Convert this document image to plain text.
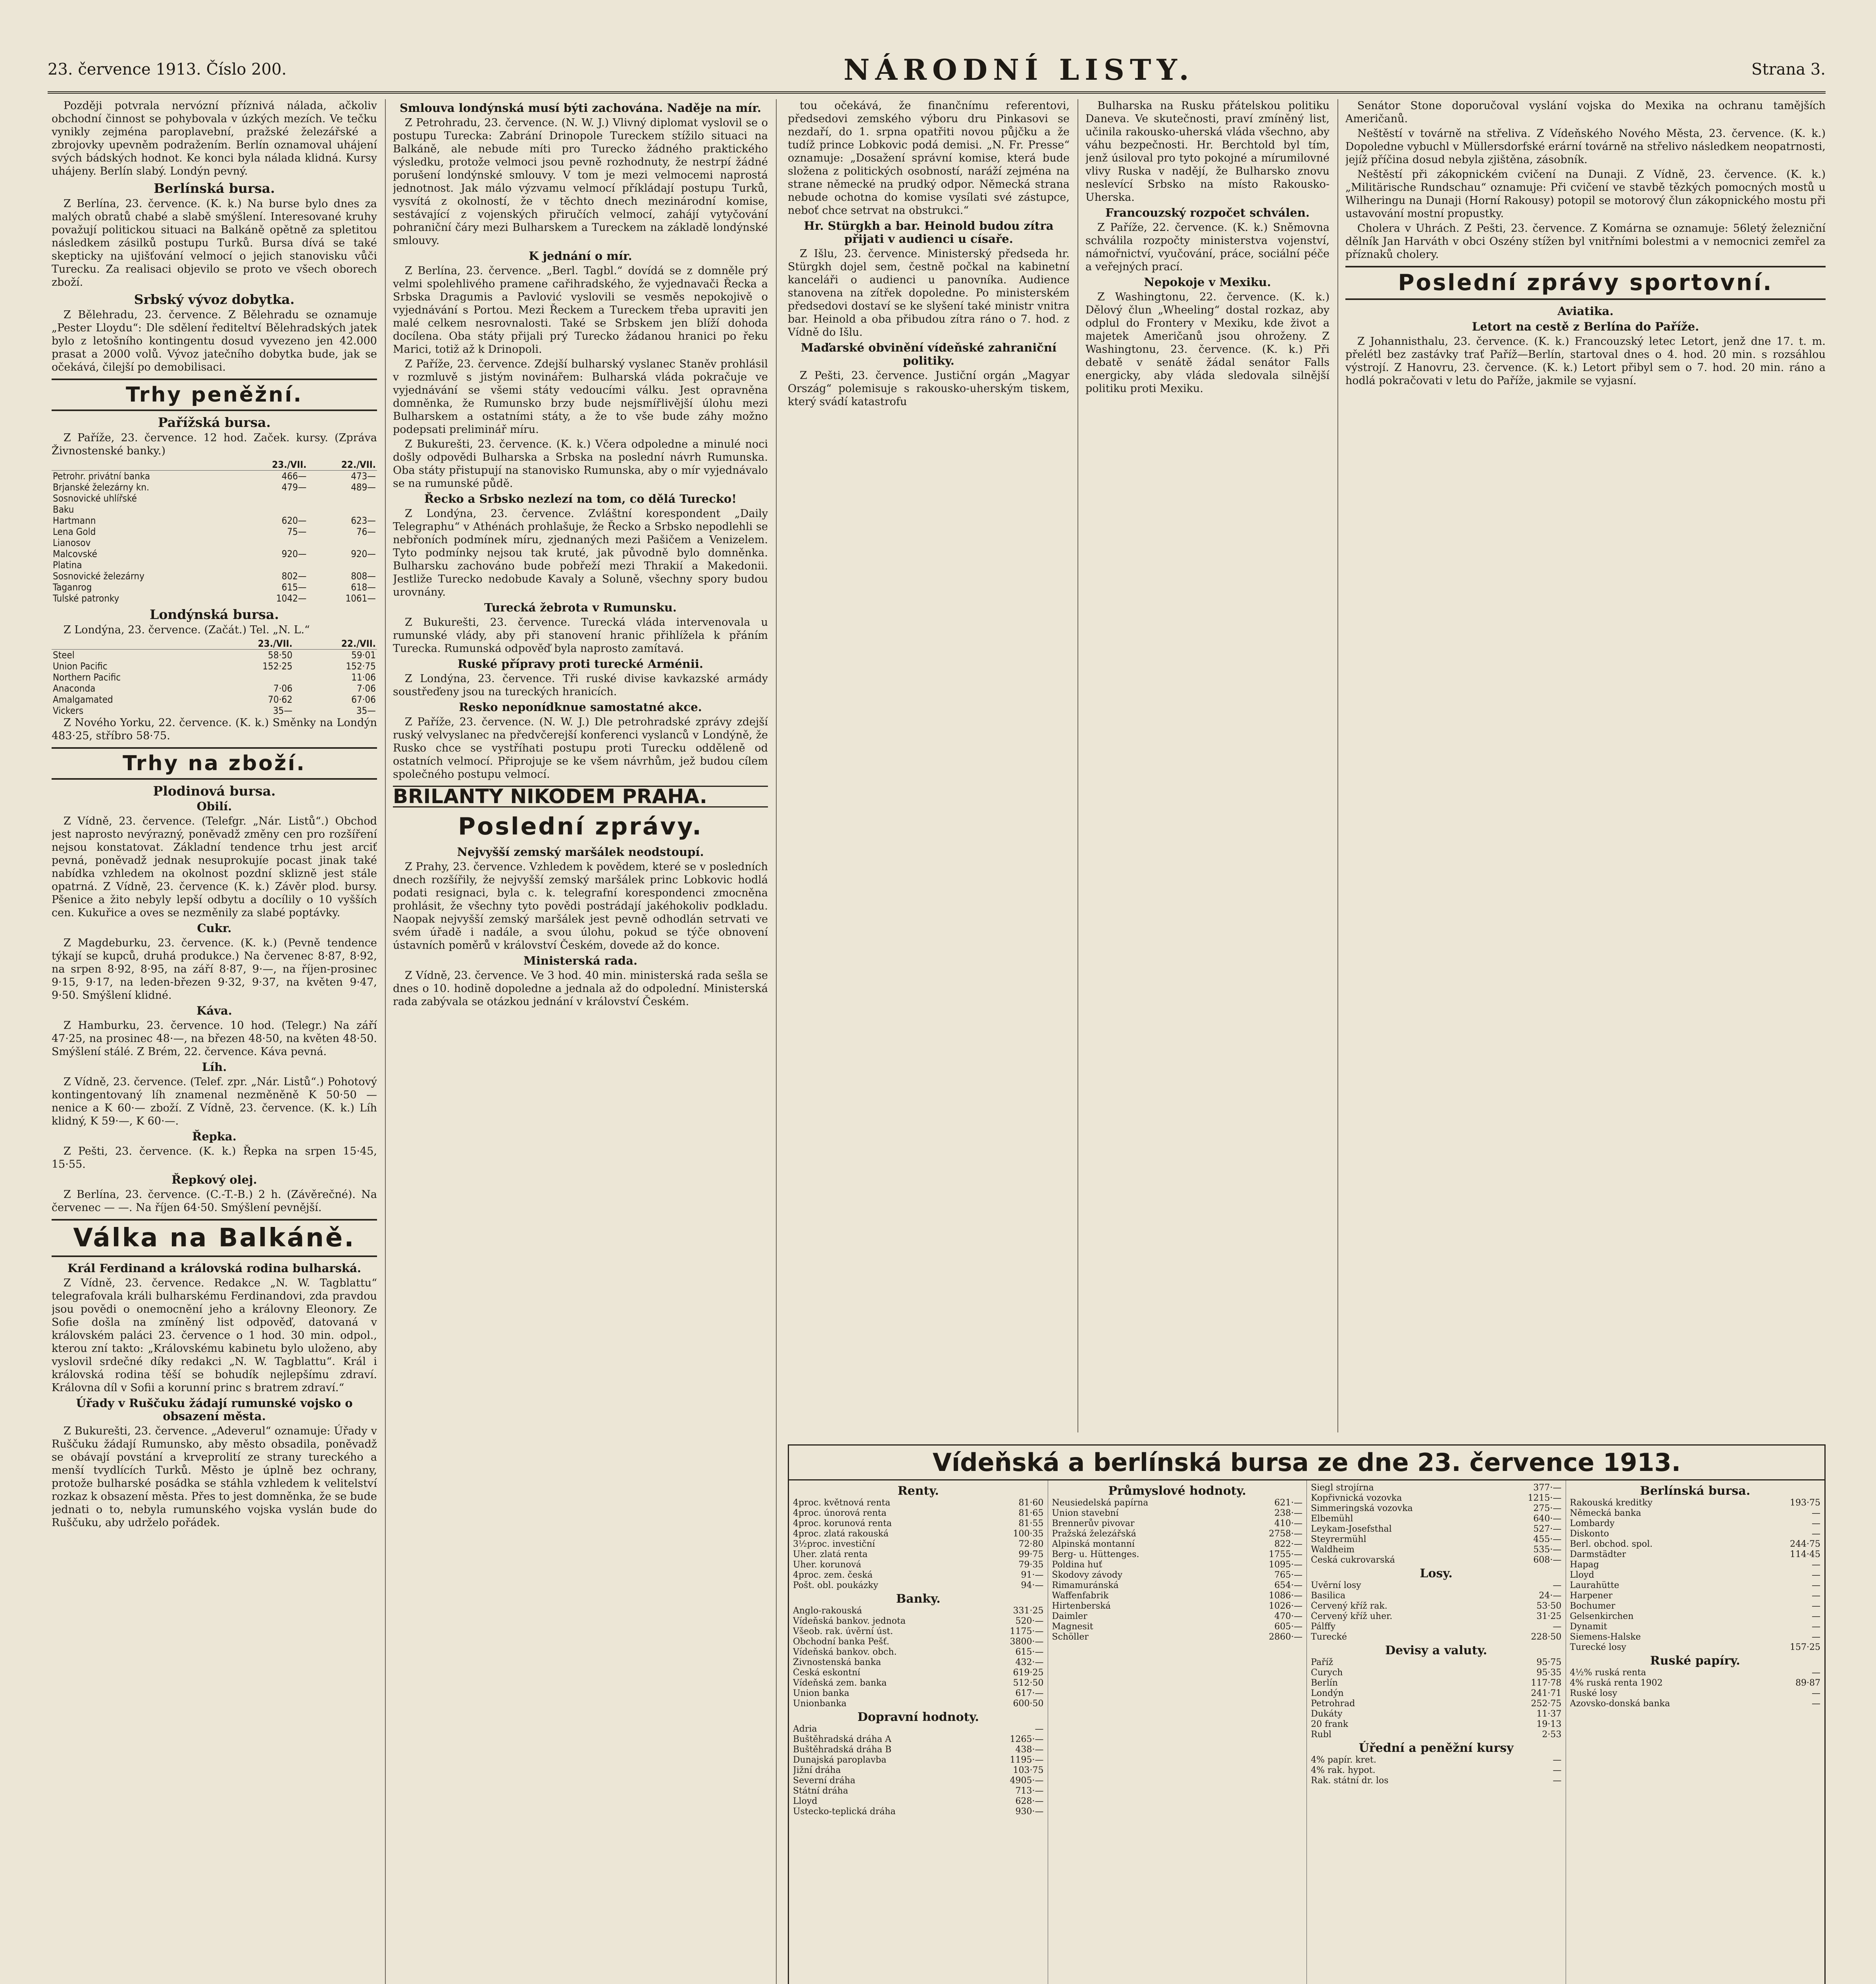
23. července 1913. Číslo 200.	NÁRODNÍ LISTY.	Strana 3.

Později potvrala nervózní příznivá nálada, ačkoliv obchodní činnost se pohybovala v úzkých mezích. Ve tečku vynikly zejména paroplavební, pražské železářské a zbrojovky upevněm podražením. Berlín oznamoval uhájení svých bádských hodnot. Ke konci byla nálada klidná. Kursy uhájeny. Berlín slabý. Londýn pevný.

Berlínská bursa.

Z Berlína, 23. července. (K. k.) Na burse bylo dnes za malých obratů chabé a slabě smýšlení. Interesované kruhy považují politickou situaci na Balkáně opětně za spletitou následkem zásilků postupu Turků. Bursa dívá se také skepticky na ujišťování velmocí o jejich stanovisku vůči Turecku. Za realisaci objevilo se proto ve všech oborech zboží.

Srbský vývoz dobytka.

Z Bělehradu, 23. července. Z Bělehradu se oznamuje „Pester Lloydu“: Dle sdělení řediteltví Bělehradských jatek bylo z letošního kontingentu dosud vyvezeno jen 42.000 prasat a 2000 volů. Vývoz jatečního dobytka bude, jak se očekává, čilejší po demobilisaci.

Trhy peněžní.
Pařížská bursa.

Z Paříže, 23. července. 12 hod. Začek. kursy. (Zpráva Živnostenské banky.)

	23./VII.	22./VII.
Petrohr. privátní banka	466—	473—
Brjanské železárny kn.	479—	489—
Sosnovické uhlířské		
Baku		
Hartmann	620—	623—
Lena Gold	75—	76—
Lianosov		
Malcovské	920—	920—
Platina		
Sosnovické železárny	802—	808—
Taganrog	615—	618—
Tulské patronky	1042—	1061—
Londýnská bursa.

Z Londýna, 23. července. (Začát.) Tel. „N. L.“

	23./VII.	22./VII.
Steel	58·50	59·01
Union Pacific	152·25	152·75
Northern Pacific		11·06
Anaconda	7·06	7·06
Amalgamated	70·62	67·06
Vickers	35—	35—

Z Nového Yorku, 22. července. (K. k.) Směnky na Londýn 483·25, stříbro 58·75.

Trhy na zboží.
Plodinová bursa.
Obilí.

Z Vídně, 23. července. (Telefgr. „Nár. Listů“.) Obchod jest naprosto nevýrazný, poněvadž změny cen pro rozšíření nejsou konstatovat. Základní tendence trhu jest arciť pevná, poněvadž jednak nesuprokujíe pocast jinak také nabídka vzhledem na okolnost pozdní sklizně jest stále opatrná. Z Vídně, 23. července (K. k.) Závěr plod. bursy. Pšenice a žito nebyly lepší odbytu a docílily o 10 vyšších cen. Kukuřice a oves se nezměnily za slabé poptávky.

Cukr.

Z Magdeburku, 23. července. (K. k.) (Pevně tendence týkají se kupců, druhá produkce.) Na červenec 8·87, 8·92, na srpen 8·92, 8·95, na září 8·87, 9·—, na říjen-prosinec 9·15, 9·17, na leden-březen 9·32, 9·37, na květen 9·47, 9·50. Smýšlení klidné.

Káva.

Z Hamburku, 23. července. 10 hod. (Telegr.) Na září 47·25, na prosinec 48·—, na březen 48·50, na květen 48·50. Smýšlení stálé. Z Brém, 22. července. Káva pevná.

Líh.

Z Vídně, 23. července. (Telef. zpr. „Nár. Listů“.) Pohotový kontingentovaný líh znamenal nezměněně K 50·50 — nenice a K 60·— zboží. Z Vídně, 23. července. (K. k.) Líh klidný, K 59·—, K 60·—.

Řepka.

Z Pešti, 23. července. (K. k.) Řepka na srpen 15·45, 15·55.

Řepkový olej.

Z Berlína, 23. července. (C.-T.-B.) 2 h. (Závěrečné). Na červenec — —. Na říjen 64·50. Smýšlení pevnější.

Válka na Balkáně.
Král Ferdinand a královská rodina bulharská.

Z Vídně, 23. července. Redakce „N. W. Tagblattu“ telegrafovala králi bulharskému Ferdinandovi, zda pravdou jsou povědi o onemocnění jeho a královny Eleonory. Ze Sofie došla na zmíněný list odpověď, datovaná v královském paláci 23. července o 1 hod. 30 min. odpol., kterou zní takto: „Královskému kabinetu bylo uloženo, aby vyslovil srdečné díky redakci „N. W. Tagblattu“. Král i královská rodina těší se bohudík nejlepšímu zdraví. Královna díl v Sofii a korunní princ s bratrem zdraví.“

Úřady v Ruščuku žádají rumunské vojsko o obsazení města.

Z Bukurešti, 23. července. „Adeverul“ oznamuje: Úřady v Ruščuku žádají Rumunsko, aby město obsadila, poněvadž se obávají povstání a krveprolití ze strany tureckého a menší tvydlících Turků. Město je úplně bez ochrany, protože bulharské posádka se stáhla vzhledem k velitelství rozkaz k obsazení města. Přes to jest domněnka, že se bude jednati o to, nebyla rumunského vojska vyslán bude do Ruščuku, aby udrželo pořádek.

Smlouva londýnská musí býti zachována. Naděje na mír.

Z Petrohradu, 23. července. (N. W. J.) Vlivný diplomat vyslovil se o postupu Turecka: Zabrání Drinopole Tureckem stížilo situaci na Balkáně, ale nebude míti pro Turecko žádného praktického výsledku, protože velmoci jsou pevně rozhodnuty, že nestrpí žádné porušení londýnské smlouvy. V tom je mezi velmocemi naprostá jednotnost. Jak málo výzvamu velmocí příkládají postupu Turků, vysvítá z okolností, že v těchto dnech mezinárodní komise, sestávající z vojenských přiručích velmocí, zahájí vytyčování pohraniční čáry mezi Bulharskem a Tureckem na základě londýnské smlouvy.

K jednání o mír.

Z Berlína, 23. července. „Berl. Tagbl.“ dovídá se z domněle prý velmi spolehlivého pramene cařihradského, že vyjednavači Řecka a Srbska Dragumis a Pavlović vyslovili se vesměs nepokojivě o vyjednávání s Portou. Mezi Řeckem a Tureckem třeba upraviti jen malé celkem nesrovnalosti. Také se Srbskem jen blíží dohoda docílena. Oba státy přijali prý Turecko žádanou hranici po řeku Marici, totiž až k Drinopoli.

Z Paříže, 23. července. Zdejší bulharský vyslanec Staněv prohlásil v rozmluvě s jistým novinářem: Bulharská vláda pokračuje ve vyjednávání se všemi státy vedoucími válku. Jest opravněna domněnka, že Rumunsko brzy bude nejsmířlivější úlohu mezi Bulharskem a ostatními státy, a že to vše bude záhy možno podepsati preliminář míru.

Z Bukurešti, 23. července. (K. k.) Včera odpoledne a minulé noci došly odpovědi Bulharska a Srbska na poslední návrh Rumunska. Oba státy přistupují na stanovisko Rumunska, aby o mír vyjednávalo se na rumunské půdě.

Řecko a Srbsko nezlezí na tom, co dělá Turecko!

Z Londýna, 23. července. Zvláštní korespondent „Daily Telegraphu“ v Athénách prohlašuje, že Řecko a Srbsko nepodlehli se nebřoních podmínek míru, zjednaných mezi Pašičem a Venizelem. Tyto podmínky nejsou tak kruté, jak původně bylo domněnka. Bulharsku zachováno bude pobřeží mezi Thrakií a Makedonii. Jestliže Turecko nedobude Kavaly a Soluně, všechny spory budou urovnány.

Turecká žebrota v Rumunsku.

Z Bukurešti, 23. července. Turecká vláda intervenovala u rumunské vlády, aby při stanovení hranic přihlížela k přáním Turecka. Rumunská odpověď byla naprosto zamítavá.

Ruské přípravy proti turecké Arménii.

Z Londýna, 23. července. Tři ruské divise kavkazské armády soustřeďeny jsou na tureckých hranicích.

Resko neponídknue samostatné akce.

Z Paříže, 23. července. (N. W. J.) Dle petrohradské zprávy zdejší ruský velvyslanec na předvčerejší konferenci vyslanců v Londýně, že Rusko chce se vystříhati postupu proti Turecku odděleně od ostatních velmocí. Připrojuje se ke všem návrhům, jež budou cílem společného postupu velmocí.

BRILANTY NIKODEM PRAHA.
Poslední zprávy.
Nejvyšší zemský maršálek neodstoupí.

Z Prahy, 23. července. Vzhledem k povědem, které se v posledních dnech rozšířily, že nejvyšší zemský maršálek princ Lobkovic hodlá podati resignaci, byla c. k. telegrafní korespondenci zmocněna prohlásit, že všechny tyto povědi postrádají jakéhokoliv podkladu. Naopak nejvyšší zemský maršálek jest pevně odhodlán setrvati ve svém úřadě i nadále, a svou úlohu, pokud se týče obnovení ústavních poměrů v království Českém, dovede až do konce.

Ministerská rada.

Z Vídně, 23. července. Ve 3 hod. 40 min. ministerská rada sešla se dnes o 10. hodině dopoledne a jednala až do odpolední. Ministerská rada zabývala se otázkou jednání v království Českém.

tou očekává, že finančnímu referentovi, předsedovi zemského výboru dru Pinkasovi se nezdaří, do 1. srpna opatřiti novou půjčku a že tudíž prince Lobkovic podá demisi. „N. Fr. Presse“ oznamuje: „Dosažení správní komise, která bude složena z politických osobností, naráží zejména na strane německé na prudký odpor. Německá strana nebude ochotna do komise vysílati své zástupce, neboť chce setrvat na obstrukci.“

Hr. Stürgkh a bar. Heinold budou zítra přijati v audienci u císaře.

Z Išlu, 23. července. Ministerský předseda hr. Stürgkh dojel sem, čestně počkal na kabinetní kanceláři o audienci u panovníka. Audience stanovena na zítřek dopoledne. Po ministerském předsedovi dostaví se ke slyšení také ministr vnitra bar. Heinold a oba přibudou zítra ráno o 7. hod. z Vídně do Išlu.

Maďarské obvinění vídeňské zahraniční politiky.

Z Pešti, 23. července. Justiční orgán „Magyar Ország“ polemisuje s rakousko-uherským tiskem, který svádí katastrofu

Bulharska na Rusku přátelskou politiku Daneva. Ve skutečnosti, praví zmíněný list, učinila rakousko-uherská vláda všechno, aby váhu bezpečnosti. Hr. Berchtold byl tím, jenž úsiloval pro tyto pokojné a mírumilovné vlivy Ruska v nadějí, že Bulharsko znovu neslevící Srbsko na místo Rakousko-Uherska.

Francouzský rozpočet schválen.

Z Paříže, 22. července. (K. k.) Sněmovna schválila rozpočty ministerstva vojenství, námořnictví, vyučování, práce, sociální péče a veřejných prací.

Nepokoje v Mexiku.

Z Washingtonu, 22. července. (K. k.) Dělový člun „Wheeling“ dostal rozkaz, aby odplul do Frontery v Mexiku, kde život a majetek Američanů jsou ohroženy. Z Washingtonu, 23. července. (K. k.) Při debatě v senátě žádal senátor Falls energicky, aby vláda sledovala silnější politiku proti Mexiku.

Senátor Stone doporučoval vyslání vojska do Mexika na ochranu tamějších Američanů.

Neštěstí v továrně na střeliva. Z Vídeňského Nového Města, 23. července. (K. k.) Dopoledne vybuchl v Müllersdorfské erární továrně na střelivo následkem neopatrnosti, jejíž příčina dosud nebyla zjištěna, zásobník.

Neštěstí při zákopnickém cvičení na Dunaji. Z Vídně, 23. července. (K. k.) „Militärische Rundschau“ oznamuje: Při cvičení ve stavbě tězkých pomocných mostů u Wilheringu na Dunaji (Horní Rakousy) potopil se motorový člun zákopnického mostu při ustavování mostní propustky.

Cholera v Uhrách. Z Pešti, 23. července. Z Komárna se oznamuje: 56letý železniční dělník Jan Harváth v obci Oszény stížen byl vnitřními bolestmi a v nemocnici zemřel za příznaků cholery.

Poslední zprávy sportovní.
Aviatika.
Letort na cestě z Berlína do Paříže.

Z Johannisthalu, 23. července. (K. k.) Francouzský letec Letort, jenž dne 17. t. m. přelétl bez zastávky trať Paříž—Berlín, startoval dnes o 4. hod. 20 min. s rozsáhlou výstrojí. Z Hanovru, 23. července. (K. k.) Letort přibyl sem o 7. hod. 20 min. ráno a hodlá pokračovati v letu do Paříže, jakmile se vyjasní.

Vídeňská a berlínská bursa ze dne 23. července 1913.
Renty.
4proc. květnová renta	81·60
4proc. únorová renta	81·65
4proc. korunová renta	81·55
4proc. zlatá rakouská	100·35
3½proc. investiční	72·80
Uher. zlatá renta	99·75
Uher. korunová	79·35
4proc. zem. česká	91·—
Pošt. obl. poukázky	94·—
Banky.
Anglo-rakouská	331·25
Vídeňská bankov. jednota	520·—
Všeob. rak. úvěrní úst.	1175·—
Obchodní banka Pešť.	3800·—
Vídeňská bankov. obch.	615·—
Živnostenská banka	432·—
Česká eskontní	619·25
Vídeňská zem. banka	512·50
Union banka	617·—
Unionbanka	600·50
Dopravní hodnoty.
Adria	—
Buštěhradská dráha A	1265·—
Buštěhradská dráha B	438·—
Dunajská paroplavba	1195·—
Jižní dráha	103·75
Severní dráha	4905·—
Státní dráha	713·—
Lloyd	628·—
Ústecko-teplická dráha	930·—
Průmyslové hodnoty.
Neusiedelská papírna	621·—
Union stavební	238·—
Brennerův pivovar	410·—
Pražská železářská	2758·—
Alpinská montanní	822·—
Berg- u. Hüttenges.	1755·—
Poldina huť	1095·—
Škodovy závody	765·—
Rimamuránská	654·—
Waffenfabrik	1086·—
Hirtenberská	1026·—
Daimler	470·—
Magnesit	605·—
Schöller	2860·—
Siegl strojírna	377·—
Kopřivnická vozovka	1215·—
Simmeringská vozovka	275·—
Elbemühl	640·—
Leykam-Josefsthal	527·—
Steyrermühl	455·—
Waldheim	535·—
Česká cukrovarská	608·—
Losy.
Úvěrní losy	—
Basilica	24·—
Červený kříž rak.	53·50
Červený kříž uher.	31·25
Pálffy	—
Turecké	228·50
Devisy a valuty.
Paříž	95·75
Curych	95·35
Berlín	117·78
Londýn	241·71
Petrohrad	252·75
Dukáty	11·37
20 frank	19·13
Rubl	2·53
Úřední a peněžní kursy
4% papír. kret.	—
4% rak. hypot.	—
Rak. státní dr. los	—
Berlínská bursa.
Rakouská kreditky	193·75
Německá banka	—
Lombardy	—
Diskonto	—
Berl. obchod. spol.	244·75
Darmstädter	114·45
Hapag	—
Lloyd	—
Laurahütte	—
Harpener	—
Bochumer	—
Gelsenkirchen	—
Dynamit	—
Siemens-Halske	—
Turecké losy	157·25
Ruské papíry.
4½% ruská renta	—
4% ruská renta 1902	89·87
Ruské losy	—
Azovsko-donská banka	—
